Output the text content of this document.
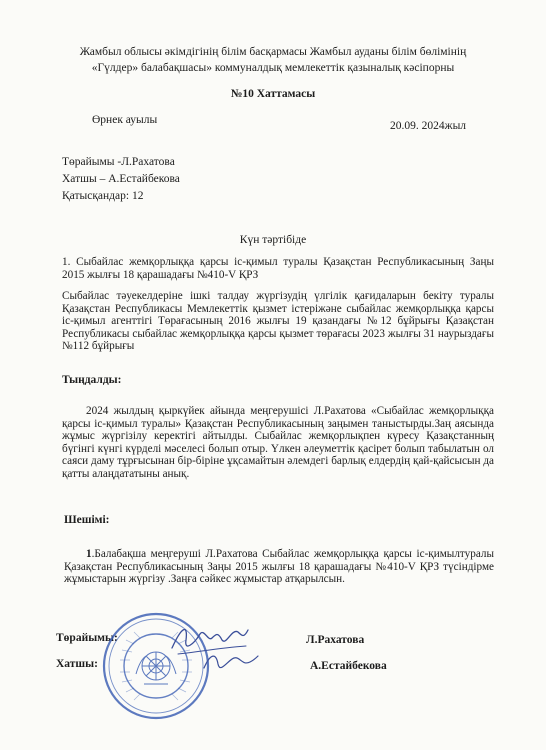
Жамбыл облысы әкімдігінің білім басқармасы Жамбыл ауданы білім бөлімінің
«Гүлдер» балабақшасы» коммуналдық мемлекеттік қазыналық кәсіпорны
№10 Хаттамасы
Өрнек ауылы	20.09. 2024жыл
Төрайымы -Л.Рахатова
Хатшы – А.Естайбекова
Қатысқандар: 12
Күн тәртібіде
1. Сыбайлас жемқорлыққа қарсы іс-қимыл туралы Қазақстан Республикасының Заңы 2015 жылғы 18 қарашадағы №410-V ҚРЗ
Сыбайлас тәуекелдеріне ішкі талдау жүргізудің үлгілік қағидаларын бекіту туралы Қазақстан Республикасы Мемлекеттік қызмет істеріжәне сыбайлас жемқорлыққа қарсы іс-қимыл агенттігі Төрағасының 2016 жылғы 19 қазандағы №12 бұйрығы Қазақстан Республикасы сыбайлас жемқорлыққа қарсы қызмет төрағасы 2023 жылғы 31 наурыздағы №112 бұйрығы
Тыңдалды:
2024 жылдың қыркүйек айында меңгерушісі Л.Рахатова «Сыбайлас жемқорлыққа қарсы іс-қимыл туралы» Қазақстан Республикасының заңымен таныстырды.Заң аясында жұмыс жүргізілу керектігі айтылды. Сыбайлас жемқорлықпен күресу Қазақстанның бүгінгі күнгі күрделі мәселесі болып отыр. Үлкен әлеуметтік қасірет болып табылатын ол саяси даму тұрғысынан бір-біріне ұқсамайтын әлемдегі барлық елдердің қай-қайсысын да қатты алаңдататыны анық.
Шешімі:
1.Балабақша меңгеруші Л.Рахатова Сыбайлас жемқорлыққа қарсы іс-қимылтуралы Қазақстан Республикасының Заңы 2015 жылғы 18 қарашадағы №410-V ҚРЗ түсіндірме жұмыстарын жүргізу .Заңға сәйкес жұмыстар атқарылсын.
Төрайымы:
Хатшы:
Л.Рахатова
А.Естайбекова
